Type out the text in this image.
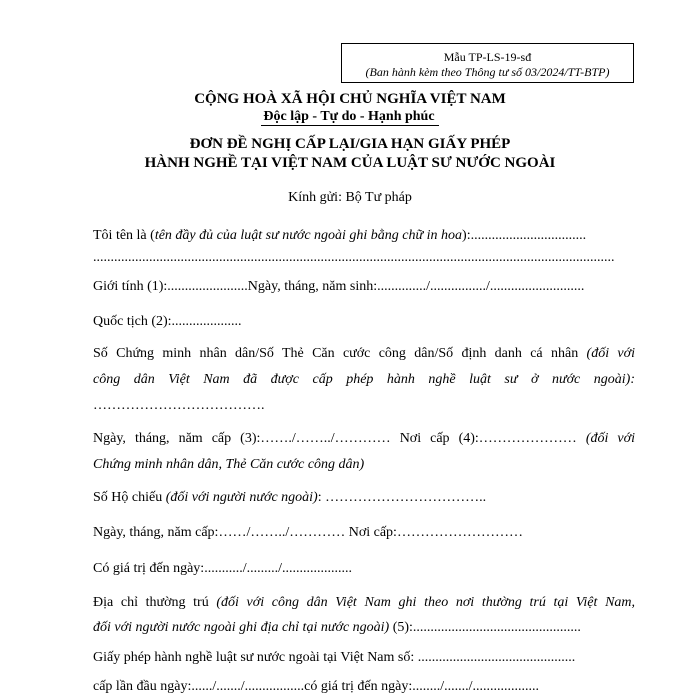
Mẫu TP-LS-19-sđ
(Ban hành kèm theo Thông tư số 03/2024/TT-BTP)
CỘNG HOÀ XÃ HỘI CHỦ NGHĨA VIỆT NAM
Độc lập - Tự do - Hạnh phúc
ĐƠN ĐỀ NGHỊ CẤP LẠI/GIA HẠN GIẤY PHÉP
HÀNH NGHỀ TẠI VIỆT NAM CỦA LUẬT SƯ NƯỚC NGOÀI
Kính gửi: Bộ Tư pháp
Tôi tên là (tên đầy đủ của luật sư nước ngoài ghi bằng chữ in hoa):.................................
.....................................................................................................................................................
Giới tính (1):.......................Ngày, tháng, năm sinh:............../................/...........................
Quốc tịch (2):....................
Số Chứng minh nhân dân/Số Thẻ Căn cước công dân/Số định danh cá nhân (đối với
công dân Việt Nam đã được cấp phép hành nghề luật sư ở nước ngoài):
……………………………….
Ngày, tháng, năm cấp (3):……./……../………… Nơi cấp (4):………………… (đối với
Chứng minh nhân dân, Thẻ Căn cước công dân)
Số Hộ chiếu (đối với người nước ngoài): ……………………………..
Ngày, tháng, năm cấp:……/……../………… Nơi cấp:………………………
Có giá trị đến ngày:.........../........./....................
Địa chỉ thường trú (đối với công dân Việt Nam ghi theo nơi thường trú tại Việt Nam,
đối với người nước ngoài ghi địa chỉ tại nước ngoài) (5):................................................
Giấy phép hành nghề luật sư nước ngoài tại Việt Nam số: .............................................
cấp lần đầu ngày:....../......./.................có giá trị đến ngày:......../......./...................
